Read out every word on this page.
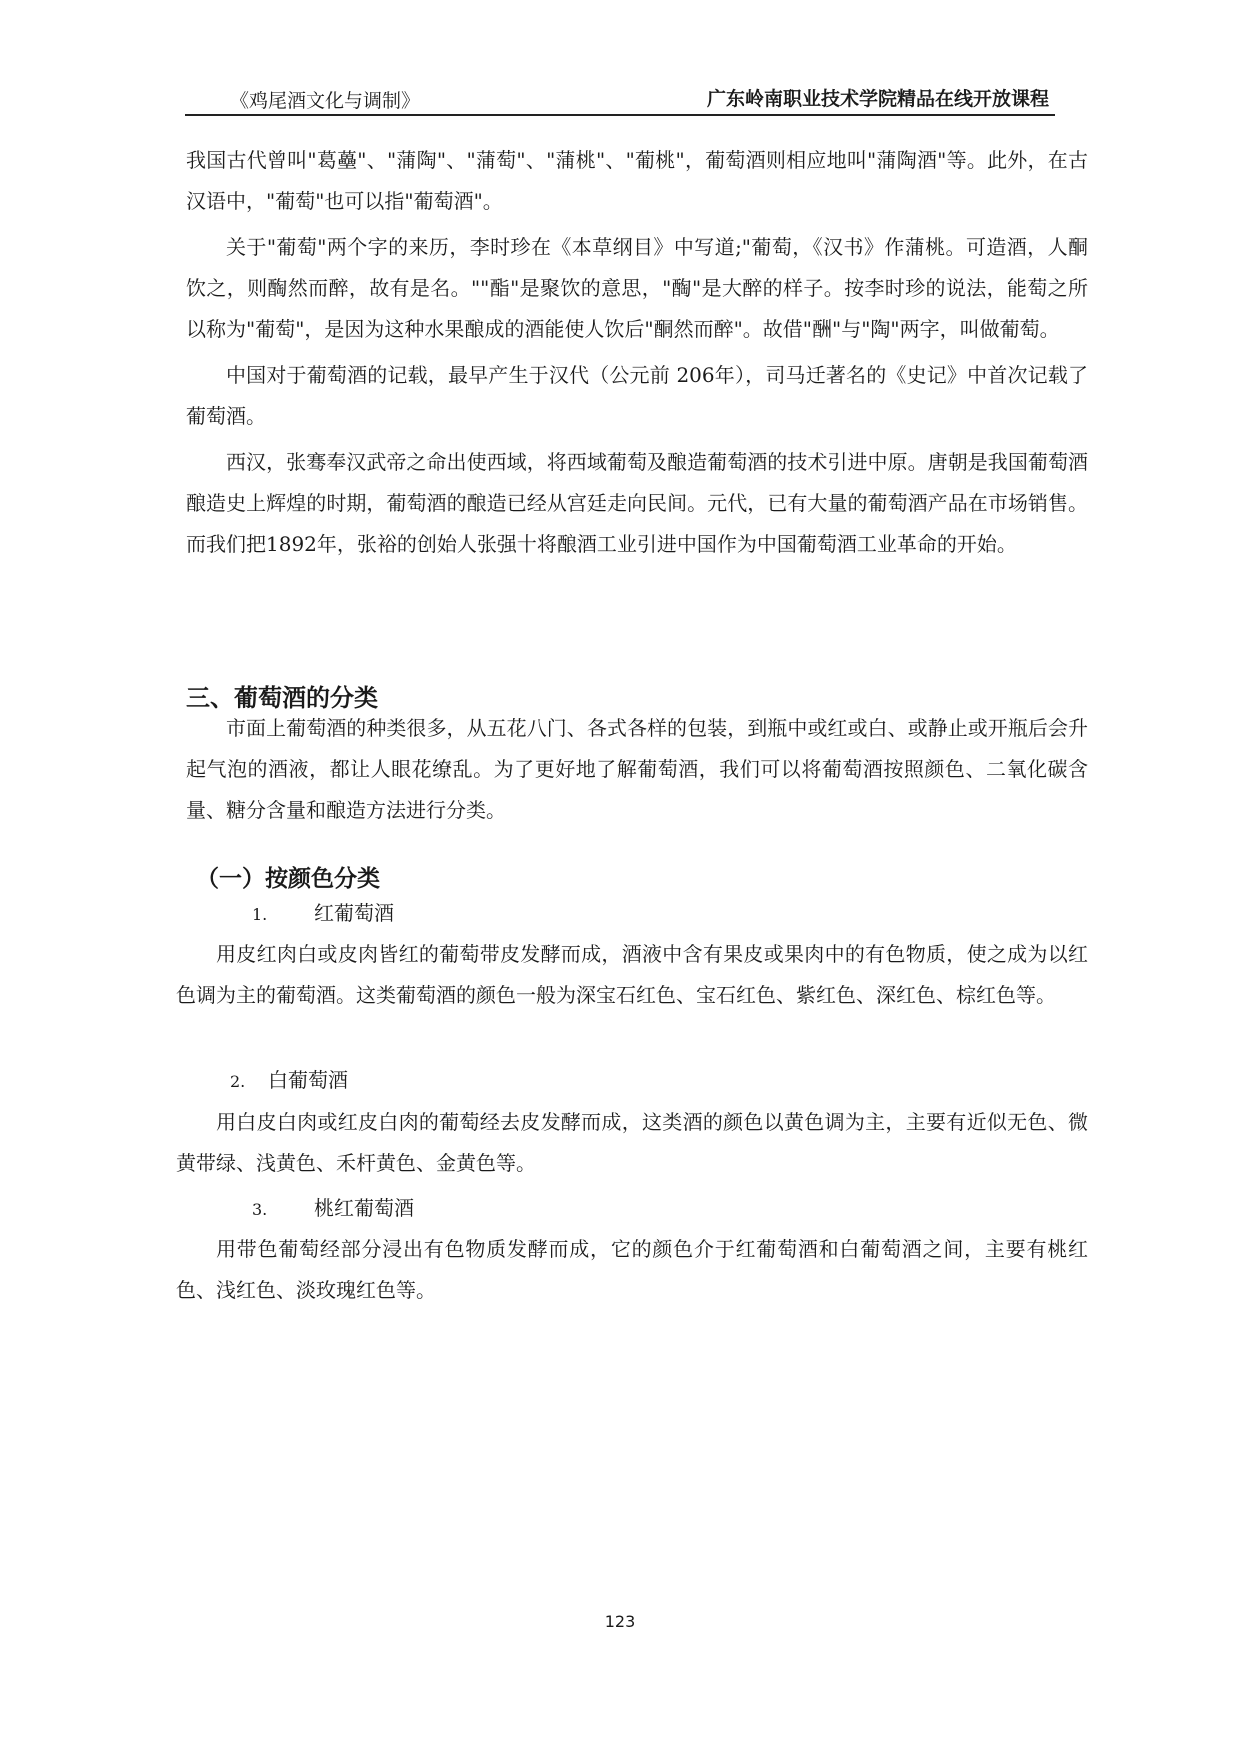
《鸡尾酒文化与调制》	广东岭南职业技术学院精品在线开放课程

我国古代曾叫"葛蘲"、"蒲陶"、"蒲萄"、"蒲桃"、"葡桃"，葡萄酒则相应地叫"蒲陶酒"等。此外，在古汉语中，"葡萄"也可以指"葡萄酒"。

关于"葡萄"两个字的来历，李时珍在《本草纲目》中写道;"葡萄，《汉书》作蒲桃。可造酒，人酮饮之，则醄然而醉，故有是名。""酯"是聚饮的意思，"醄"是大醉的样子。按李时珍的说法，能萄之所以称为"葡萄"，是因为这种水果酿成的酒能使人饮后"酮然而醉"。故借"酬"与"陶"两字，叫做葡萄。

中国对于葡萄酒的记载，最早产生于汉代（公元前 206年），司马迁著名的《史记》中首次记载了葡萄酒。

西汉，张骞奉汉武帝之命出使西域，将西域葡萄及酿造葡萄酒的技术引进中原。唐朝是我国葡萄酒酿造史上辉煌的时期，葡萄酒的酿造已经从宫廷走向民间。元代，已有大量的葡萄酒产品在市场销售。而我们把1892年，张裕的创始人张强十将酿酒工业引进中国作为中国葡萄酒工业革命的开始。

三、葡萄酒的分类

市面上葡萄酒的种类很多，从五花八门、各式各样的包装，到瓶中或红或白、或静止或开瓶后会升起气泡的酒液，都让人眼花缭乱。为了更好地了解葡萄酒，我们可以将葡萄酒按照颜色、二氧化碳含量、糖分含量和酿造方法进行分类。

（一）按颜色分类
1. 红葡萄酒

用皮红肉白或皮肉皆红的葡萄带皮发酵而成，酒液中含有果皮或果肉中的有色物质，使之成为以红色调为主的葡萄酒。这类葡萄酒的颜色一般为深宝石红色、宝石红色、紫红色、深红色、棕红色等。

2. 白葡萄酒

用白皮白肉或红皮白肉的葡萄经去皮发酵而成，这类酒的颜色以黄色调为主，主要有近似无色、微黄带绿、浅黄色、禾杆黄色、金黄色等。

3. 桃红葡萄酒

用带色葡萄经部分浸出有色物质发酵而成，它的颜色介于红葡萄酒和白葡萄酒之间，主要有桃红色、浅红色、淡玫瑰红色等。

123
